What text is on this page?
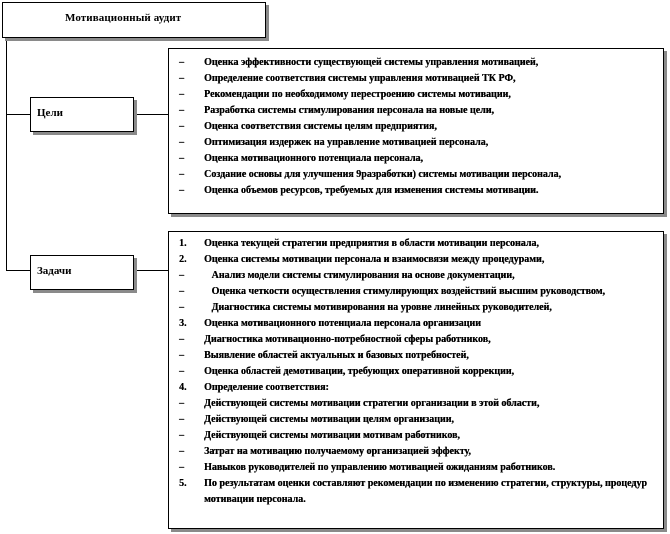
Мотивационный аудит
Цели
Задачи
– Оценка эффективности существующей системы управления мотивацией,
– Определение соответствия системы управления мотивацией ТК РФ,
– Рекомендации по необходимому перестроению системы мотивации,
– Разработка системы стимулирования персонала на новые цели,
– Оценка соответствия системы целям предприятия,
– Оптимизация издержек на управление мотивацией персонала,
– Оценка мотивационного потенциала персонала,
– Создание основы для улучшения 9разработки) системы мотивации персонала,
– Оценка объемов ресурсов, требуемых для изменения системы мотивации.
1. Оценка текущей стратегии предприятия в области мотивации персонала,
2. Оценка системы мотивации персонала и взаимосвязи между процедурами,
–	Анализ модели системы стимулирования на основе документации,
–	Оценка четкости осуществления стимулирующих воздействий высшим руководством,
–	Диагностика системы мотивирования на уровне линейных руководителей,
3. Оценка мотивационного потенциала персонала организации
– Диагностика мотивационно-потребностной сферы работников,
– Выявление областей актуальных и базовых потребностей,
– Оценка областей демотивации, требующих оперативной коррекции,
4. Определение соответствия:
– Действующей системы мотивации стратегии организации в этой области,
– Действующей системы мотивации целям организации,
– Действующей системы мотивации мотивам работников,
– Затрат на мотивацию получаемому организацией эффекту,
– Навыков руководителей по управлению мотивацией ожиданиям работников.
5. По результатам оценки составляют рекомендации по изменению стратегии, структуры, процедур мотивации персонала.
